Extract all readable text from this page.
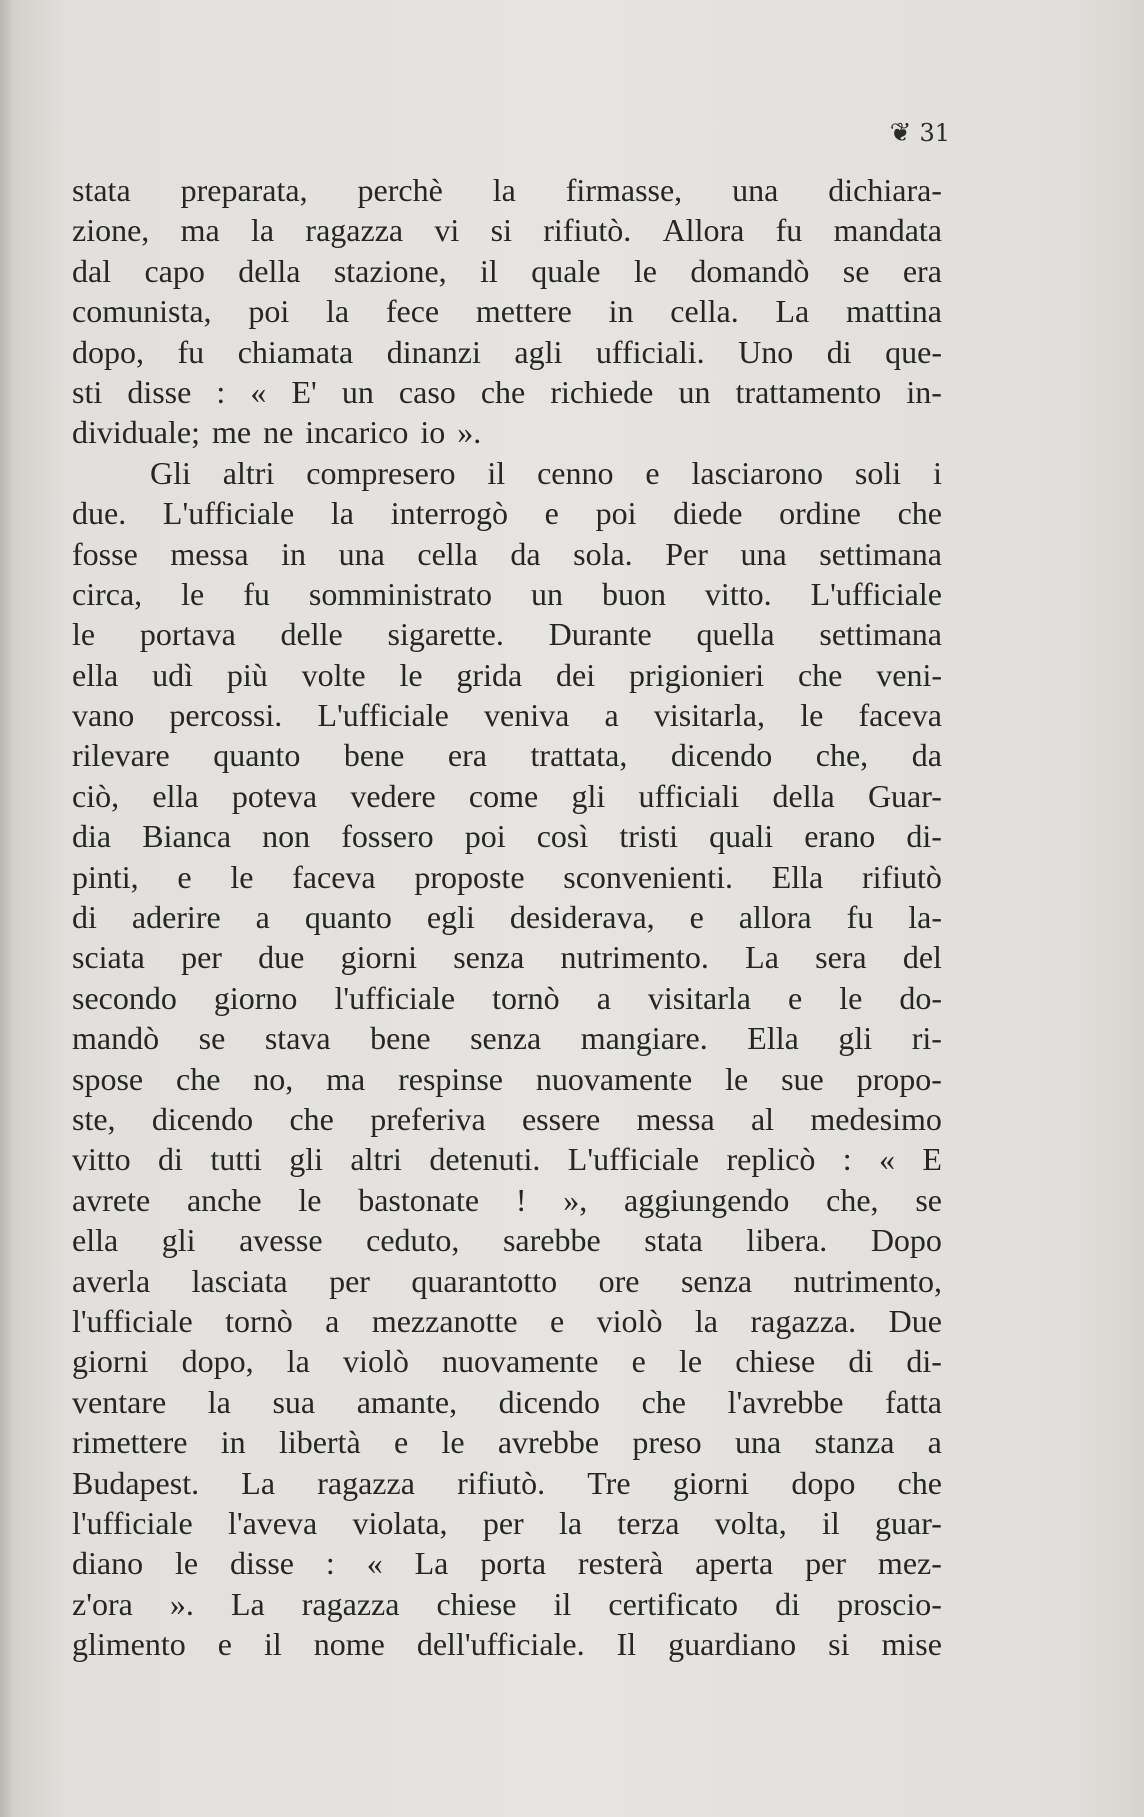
❦ 31
stata preparata, perchè la firmasse, una dichiara-
zione, ma la ragazza vi si rifiutò. Allora fu mandata
dal capo della stazione, il quale le domandò se era
comunista, poi la fece mettere in cella. La mattina
dopo, fu chiamata dinanzi agli ufficiali. Uno di que-
sti disse : « E' un caso che richiede un trattamento in-
dividuale; me ne incarico io ».
Gli altri compresero il cenno e lasciarono soli i
due. L'ufficiale la interrogò e poi diede ordine che
fosse messa in una cella da sola. Per una settimana
circa, le fu somministrato un buon vitto. L'ufficiale
le portava delle sigarette. Durante quella settimana
ella udì più volte le grida dei prigionieri che veni-
vano percossi. L'ufficiale veniva a visitarla, le faceva
rilevare quanto bene era trattata, dicendo che, da
ciò, ella poteva vedere come gli ufficiali della Guar-
dia Bianca non fossero poi così tristi quali erano di-
pinti, e le faceva proposte sconvenienti. Ella rifiutò
di aderire a quanto egli desiderava, e allora fu la-
sciata per due giorni senza nutrimento. La sera del
secondo giorno l'ufficiale tornò a visitarla e le do-
mandò se stava bene senza mangiare. Ella gli ri-
spose che no, ma respinse nuovamente le sue propo-
ste, dicendo che preferiva essere messa al medesimo
vitto di tutti gli altri detenuti. L'ufficiale replicò : « E
avrete anche le bastonate ! », aggiungendo che, se
ella gli avesse ceduto, sarebbe stata libera. Dopo
averla lasciata per quarantotto ore senza nutrimento,
l'ufficiale tornò a mezzanotte e violò la ragazza. Due
giorni dopo, la violò nuovamente e le chiese di di-
ventare la sua amante, dicendo che l'avrebbe fatta
rimettere in libertà e le avrebbe preso una stanza a
Budapest. La ragazza rifiutò. Tre giorni dopo che
l'ufficiale l'aveva violata, per la terza volta, il guar-
diano le disse : « La porta resterà aperta per mez-
z'ora ». La ragazza chiese il certificato di proscio-
glimento e il nome dell'ufficiale. Il guardiano si mise
